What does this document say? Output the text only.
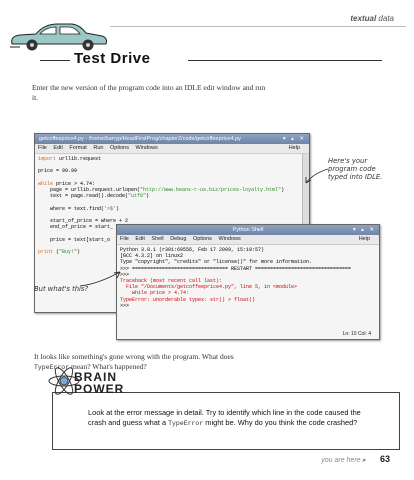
textual data
Test Drive
Enter the new version of the program code into an IDLE edit window and run it.
getcoffeeprice4.py - /home/barryp/HeadFirstProg/chapter2/code/getcoffeeprice4.py	▾ ▴ ✕
File Edit Format Run Options Windows	Help
import urllib.request

price = 99.99

while price > 4.74:
page = urllib.request.urlopen("http://www.beans-r-us.biz/prices-loyalty.html")
text = page.read().decode("utf8")

where = text.find('>$')

start_of_price = where + 2
end_of_price = start_

price = text[start_o

print ("Buy!")
Python Shell	▾ ▴ ✕
File Edit Shell Debug Options Windows	Help
Python 3.0.1 (r301:69556, Feb 17 2009, 15:19:57)
[GCC 4.3.2] on linux2
Type "copyright", "credits" or "license()" for more information.
>>> ================================ RESTART ================================
>>>
Traceback (most recent call last):
File "/Documents/getcoffeeprice4.py", line 5, in <module>
while price > 4.74:
TypeError: unorderable types: str() > float()
>>>
Ln: 10 Col: 4
Here's your program code typed into IDLE.
But what's this?
It looks like something's gone wrong with the program. What does TypeError mean? What's happened?
BRAIN
POWER
Look at the error message in detail. Try to identify which line in the code caused the crash and guess what a TypeError might be. Why do you think the code crashed?
you are here ▸ 63
